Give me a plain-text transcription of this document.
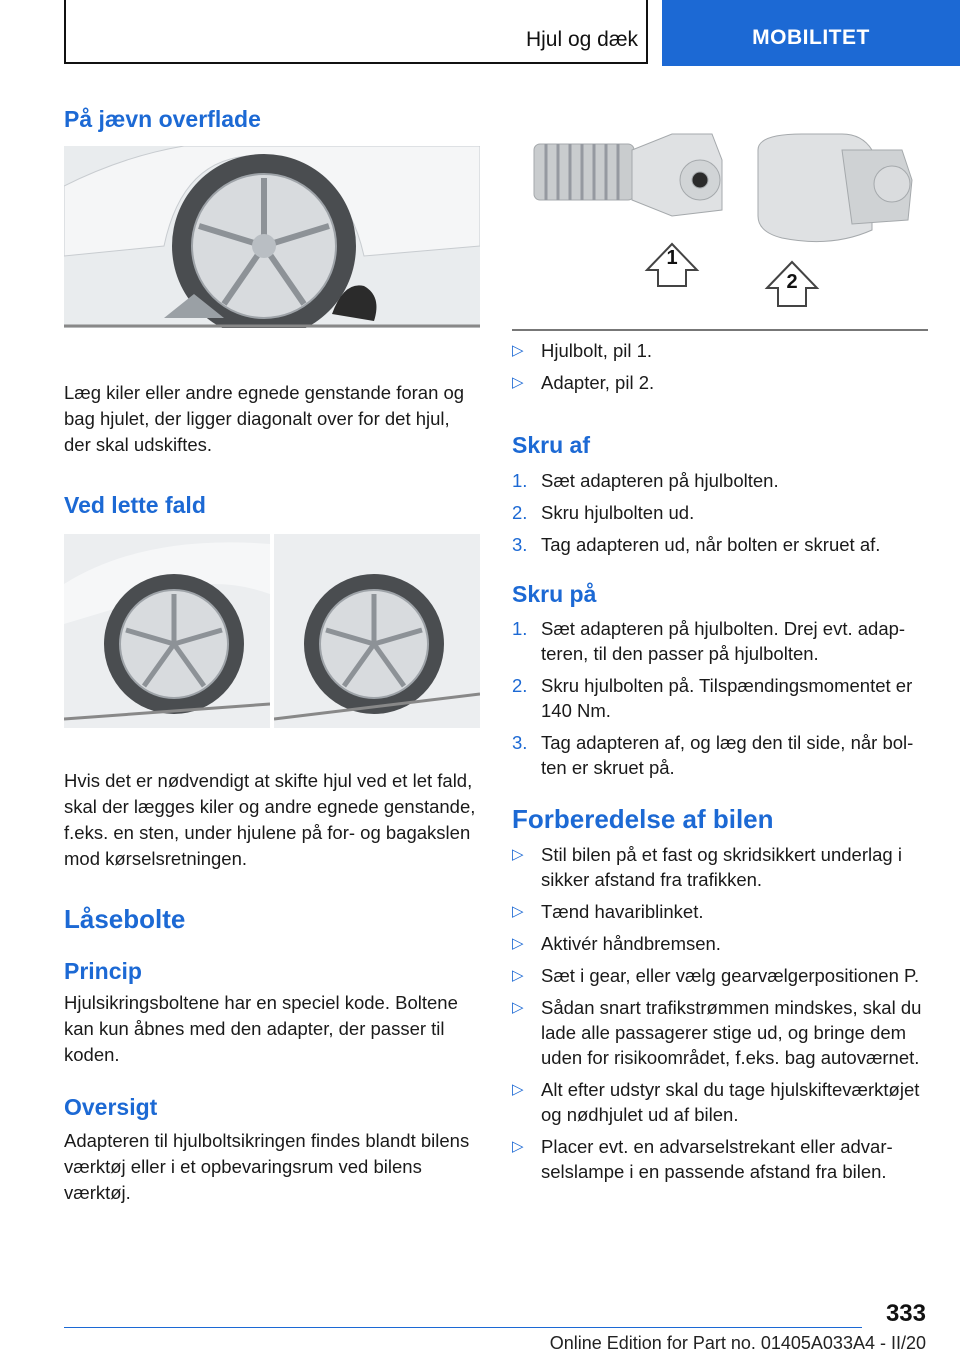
Hjul og dæk	MOBILITET
På jævn overflade

Læg kiler eller andre egnede genstande foran og bag hjulet, der ligger diagonalt over for det hjul, der skal udskiftes.

Ved lette fald

Hvis det er nødvendigt at skifte hjul ved et let fald, skal der lægges kiler og andre egnede genstande, f.eks. en sten, under hjulene på for- og bagakslen mod kørselsretningen.

Låsebolte
Princip

Hjulsikringsboltene har en speciel kode. Boltene kan kun åbnes med den adapter, der passer til koden.

Oversigt

Adapteren til hjulboltsikringen findes blandt bilens værktøj eller i et opbevaringsrum ved bilens værktøj.

1
2
▷ Hjulbolt, pil 1.
▷ Adapter, pil 2.
Skru af
1. Sæt adapteren på hjulbolten.
2. Skru hjulbolten ud.
3. Tag adapteren ud, når bolten er skruet af.
Skru på
1. Sæt adapteren på hjulbolten. Drej evt. adapteren, til den passer på hjulbolten.
2. Skru hjulbolten på. Tilspændingsmomentet er 140 Nm.
3. Tag adapteren af, og læg den til side, når bolten er skruet på.
Forberedelse af bilen
▷ Stil bilen på et fast og skridsikkert underlag i sikker afstand fra trafikken.
▷ Tænd havariblinket.
▷ Aktivér håndbremsen.
▷ Sæt i gear, eller vælg gearvælgerpositionen P.
▷ Sådan snart trafikstrømmen mindskes, skal du lade alle passagerer stige ud, og bringe dem uden for risikoområdet, f.eks. bag autoværnet.
▷ Alt efter udstyr skal du tage hjulskifteværktøjet og nødhjulet ud af bilen.
▷ Placer evt. en advarselstrekant eller advarselslampe i en passende afstand fra bilen.
333
Online Edition for Part no. 01405A033A4 - II/20
